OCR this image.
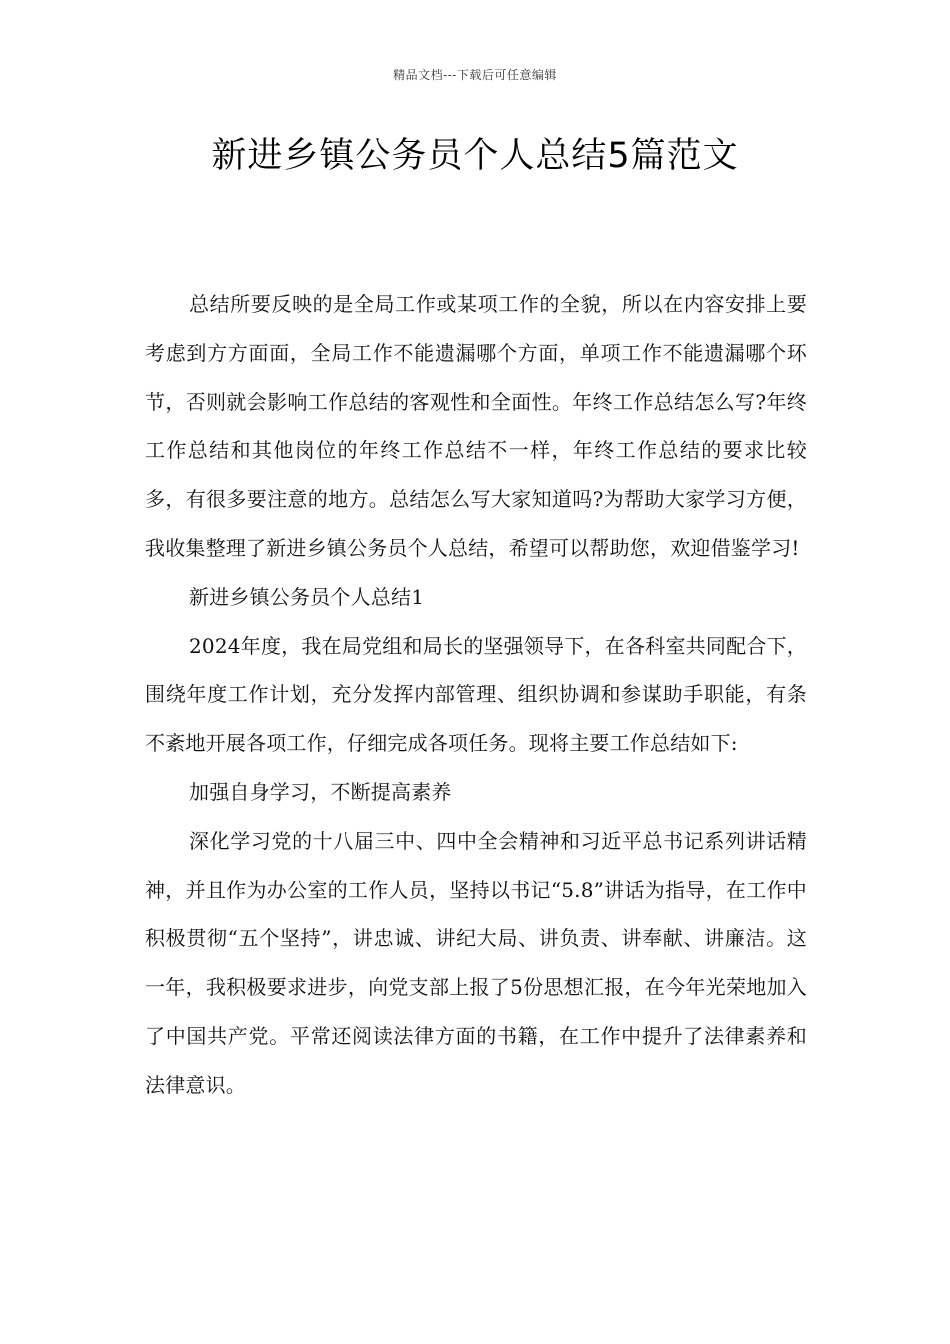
精品文档---下载后可任意编辑
新进乡镇公务员个人总结5篇范文

总结所要反映的是全局工作或某项工作的全貌，所以在内容安排上要考虑到方方面面，全局工作不能遗漏哪个方面，单项工作不能遗漏哪个环节，否则就会影响工作总结的客观性和全面性。年终工作总结怎么写?年终工作总结和其他岗位的年终工作总结不一样，年终工作总结的要求比较多，有很多要注意的地方。总结怎么写大家知道吗?为帮助大家学习方便，我收集整理了新进乡镇公务员个人总结，希望可以帮助您，欢迎借鉴学习!

新进乡镇公务员个人总结1

2024年度，我在局党组和局长的坚强领导下，在各科室共同配合下，围绕年度工作计划，充分发挥内部管理、组织协调和参谋助手职能，有条不紊地开展各项工作，仔细完成各项任务。现将主要工作总结如下:

加强自身学习，不断提高素养

深化学习党的十八届三中、四中全会精神和习近平总书记系列讲话精神，并且作为办公室的工作人员，坚持以书记“5.8”讲话为指导，在工作中积极贯彻“五个坚持”，讲忠诚、讲纪大局、讲负责、讲奉献、讲廉洁。这一年，我积极要求进步，向党支部上报了5份思想汇报，在今年光荣地加入了中国共产党。平常还阅读法律方面的书籍，在工作中提升了法律素养和法律意识。
